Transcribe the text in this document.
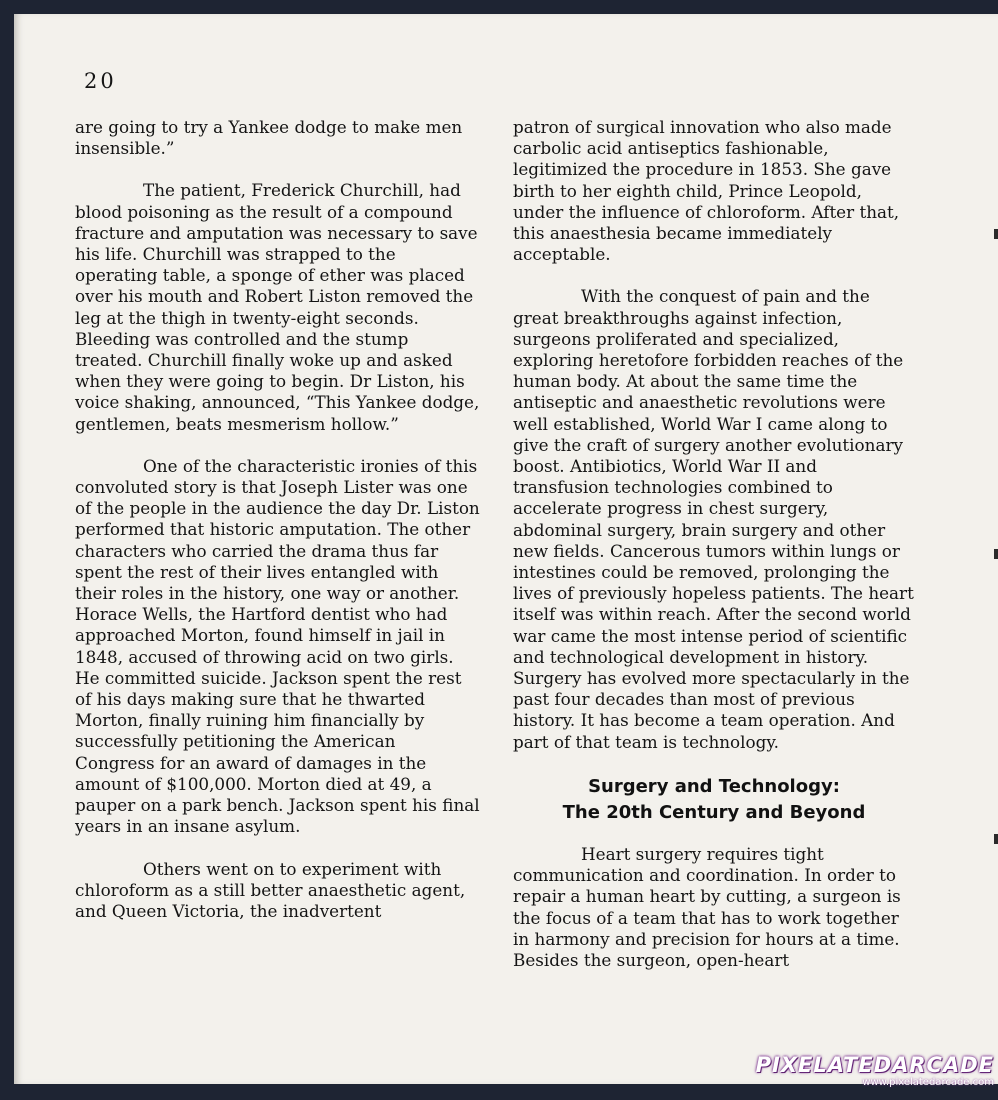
20

are going to try a Yankee dodge to make men insensible.”

The patient, Frederick Churchill, had blood poisoning as the result of a compound fracture and amputation was necessary to save his life. Churchill was strapped to the operating table, a sponge of ether was placed over his mouth and Robert Liston removed the leg at the thigh in twenty-eight seconds. Bleeding was controlled and the stump treated. Churchill finally woke up and asked when they were going to begin. Dr Liston, his voice shaking, announced, “This Yankee dodge, gentlemen, beats mesmerism hollow.”

One of the characteristic ironies of this convoluted story is that Joseph Lister was one of the people in the audience the day Dr. Liston performed that historic amputation. The other characters who carried the drama thus far spent the rest of their lives entangled with their roles in the history, one way or another. Horace Wells, the Hartford dentist who had approached Morton, found himself in jail in 1848, accused of throwing acid on two girls. He committed suicide. Jackson spent the rest of his days making sure that he thwarted Morton, finally ruining him financially by successfully petitioning the American Congress for an award of damages in the amount of $100,000. Morton died at 49, a pauper on a park bench. Jackson spent his final years in an insane asylum.

Others went on to experiment with chloroform as a still better anaesthetic agent, and Queen Victoria, the inadvertent

patron of surgical innovation who also made carbolic acid antiseptics fashionable, legitimized the procedure in 1853. She gave birth to her eighth child, Prince Leopold, under the influence of chloroform. After that, this anaesthesia became immediately acceptable.

With the conquest of pain and the great breakthroughs against infection, surgeons proliferated and specialized, exploring heretofore forbidden reaches of the human body. At about the same time the antiseptic and anaesthetic revolutions were well established, World War I came along to give the craft of surgery another evolutionary boost. Antibiotics, World War II and transfusion technologies combined to accelerate progress in chest surgery, abdominal surgery, brain surgery and other new fields. Cancerous tumors within lungs or intestines could be removed, prolonging the lives of previously hopeless patients. The heart itself was within reach. After the second world war came the most intense period of scientific and technological development in history. Surgery has evolved more spectacularly in the past four decades than most of previous history. It has become a team operation. And part of that team is technology.

Surgery and Technology:
The 20th Century and Beyond

Heart surgery requires tight communication and coordination. In order to repair a human heart by cutting, a surgeon is the focus of a team that has to work together in harmony and precision for hours at a time. Besides the surgeon, open-heart

PIXELATEDARCADE
www.pixelatedarcade.com
